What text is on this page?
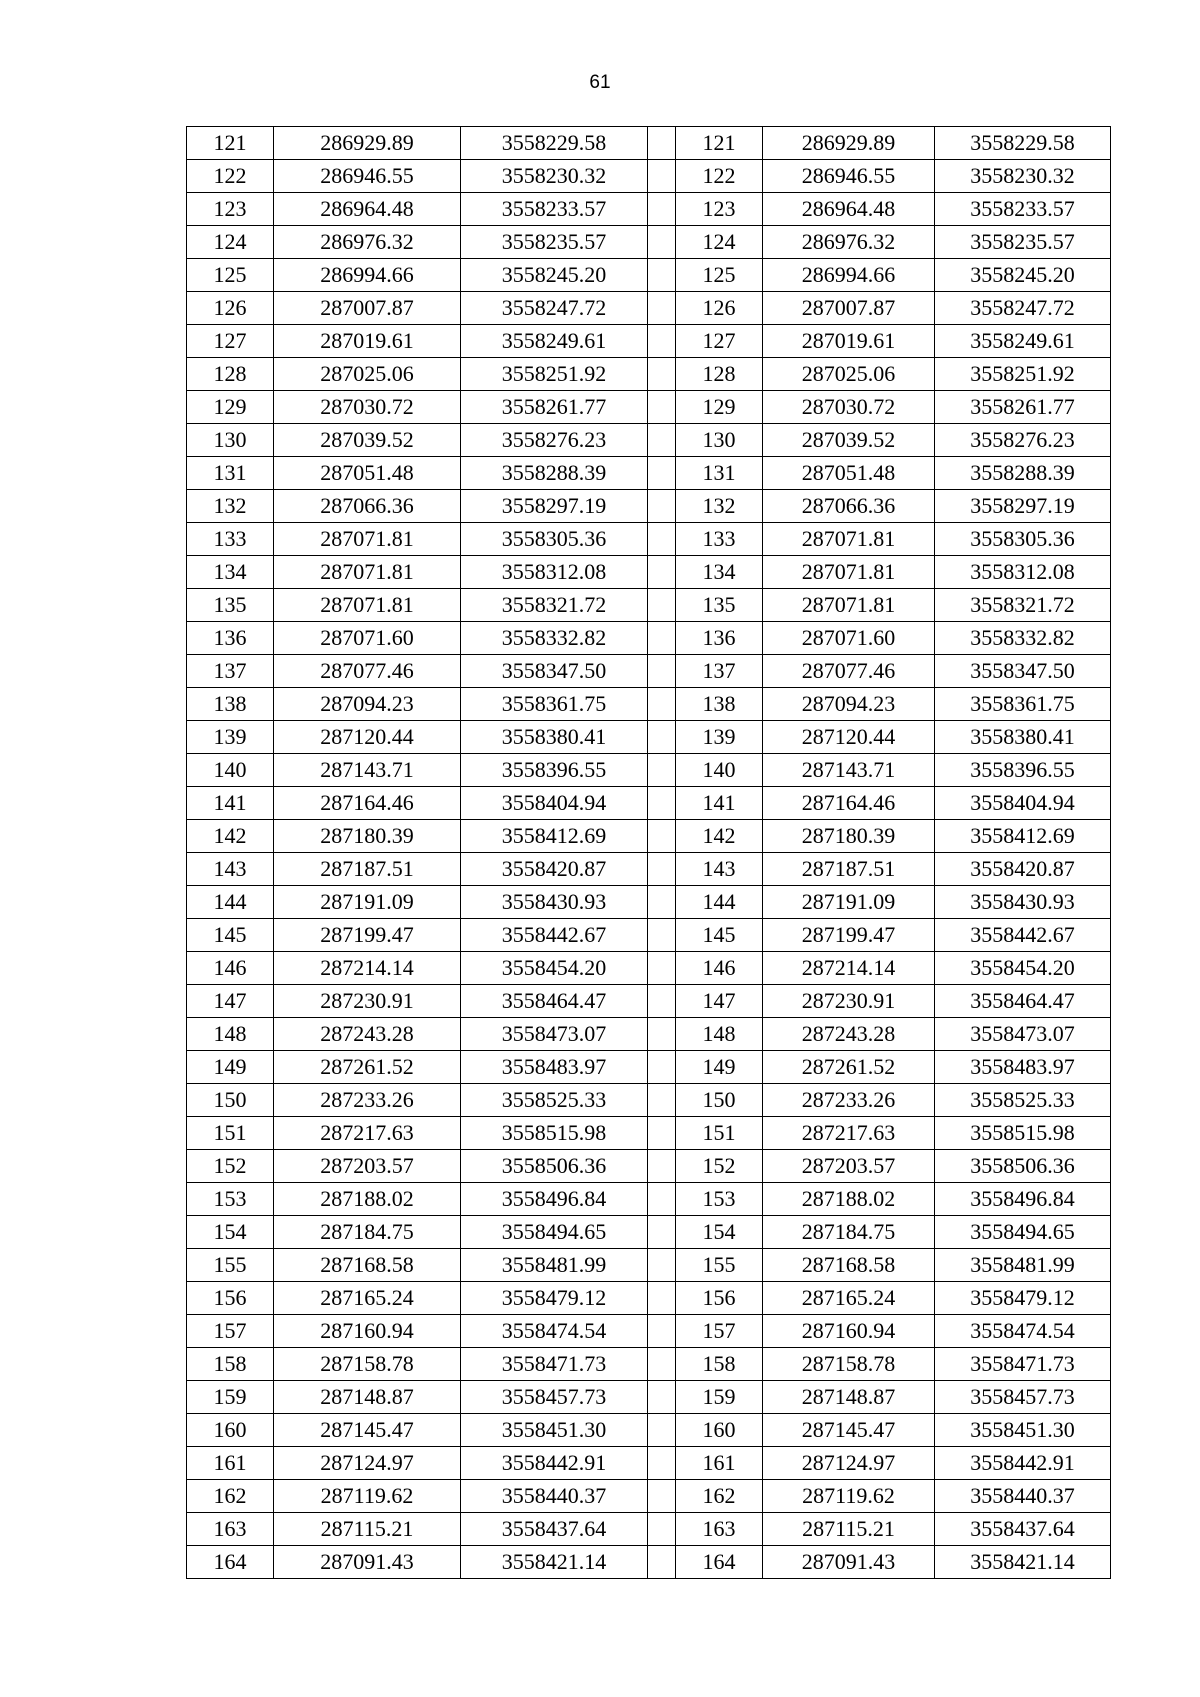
61
121	286929.89	3558229.58		121	286929.89	3558229.58
122	286946.55	3558230.32		122	286946.55	3558230.32
123	286964.48	3558233.57		123	286964.48	3558233.57
124	286976.32	3558235.57		124	286976.32	3558235.57
125	286994.66	3558245.20		125	286994.66	3558245.20
126	287007.87	3558247.72		126	287007.87	3558247.72
127	287019.61	3558249.61		127	287019.61	3558249.61
128	287025.06	3558251.92		128	287025.06	3558251.92
129	287030.72	3558261.77		129	287030.72	3558261.77
130	287039.52	3558276.23		130	287039.52	3558276.23
131	287051.48	3558288.39		131	287051.48	3558288.39
132	287066.36	3558297.19		132	287066.36	3558297.19
133	287071.81	3558305.36		133	287071.81	3558305.36
134	287071.81	3558312.08		134	287071.81	3558312.08
135	287071.81	3558321.72		135	287071.81	3558321.72
136	287071.60	3558332.82		136	287071.60	3558332.82
137	287077.46	3558347.50		137	287077.46	3558347.50
138	287094.23	3558361.75		138	287094.23	3558361.75
139	287120.44	3558380.41		139	287120.44	3558380.41
140	287143.71	3558396.55		140	287143.71	3558396.55
141	287164.46	3558404.94		141	287164.46	3558404.94
142	287180.39	3558412.69		142	287180.39	3558412.69
143	287187.51	3558420.87		143	287187.51	3558420.87
144	287191.09	3558430.93		144	287191.09	3558430.93
145	287199.47	3558442.67		145	287199.47	3558442.67
146	287214.14	3558454.20		146	287214.14	3558454.20
147	287230.91	3558464.47		147	287230.91	3558464.47
148	287243.28	3558473.07		148	287243.28	3558473.07
149	287261.52	3558483.97		149	287261.52	3558483.97
150	287233.26	3558525.33		150	287233.26	3558525.33
151	287217.63	3558515.98		151	287217.63	3558515.98
152	287203.57	3558506.36		152	287203.57	3558506.36
153	287188.02	3558496.84		153	287188.02	3558496.84
154	287184.75	3558494.65		154	287184.75	3558494.65
155	287168.58	3558481.99		155	287168.58	3558481.99
156	287165.24	3558479.12		156	287165.24	3558479.12
157	287160.94	3558474.54		157	287160.94	3558474.54
158	287158.78	3558471.73		158	287158.78	3558471.73
159	287148.87	3558457.73		159	287148.87	3558457.73
160	287145.47	3558451.30		160	287145.47	3558451.30
161	287124.97	3558442.91		161	287124.97	3558442.91
162	287119.62	3558440.37		162	287119.62	3558440.37
163	287115.21	3558437.64		163	287115.21	3558437.64
164	287091.43	3558421.14		164	287091.43	3558421.14
